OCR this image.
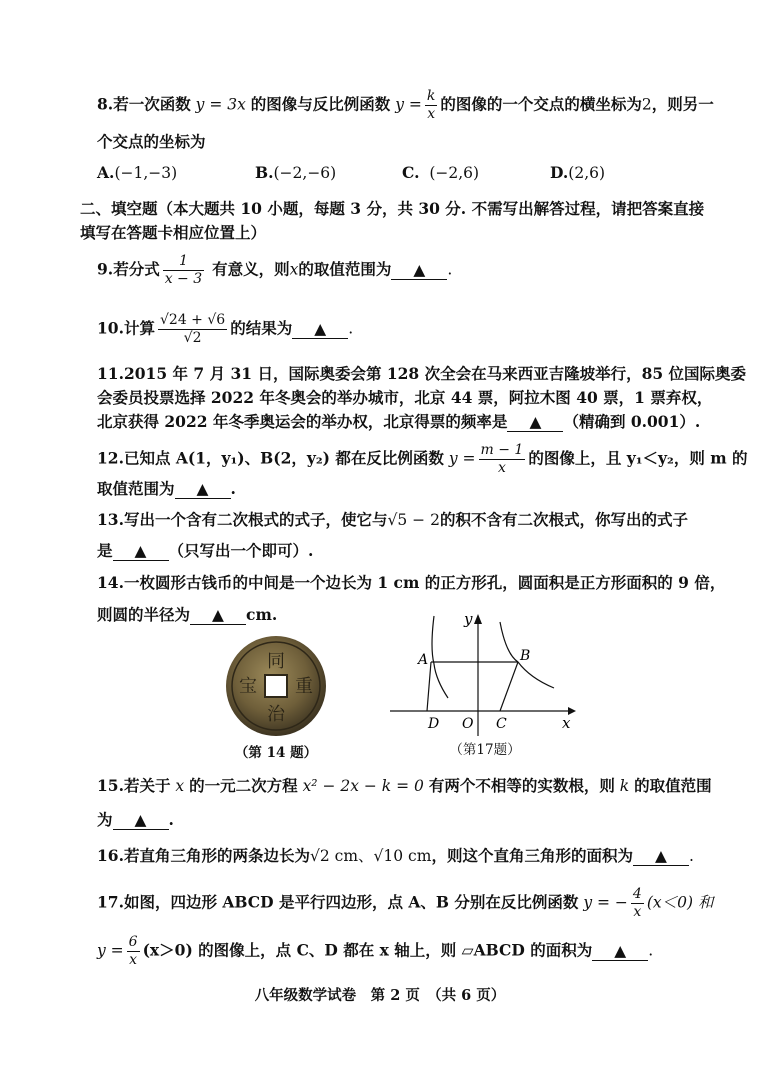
8.若一次函数 y = 3x 的图像与反比例函数 $y = \frac{k}{x}$ 的图像的一个交点的横坐标为2，则另一
个交点的坐标为
A.(−1,−3)	B.(−2,−6)	C. (−2,6)	D.(2,6)
二、填空题（本大题共 10 小题，每题 3 分，共 30 分. 不需写出解答过程，请把答案直接
填写在答题卡相应位置上）
9.若分式 $\frac{1}{x - 3}$ 有意义，则x的取值范围为 ▲ .
10.计算 $\frac{√24 + √6}{√2}$ 的结果为 ▲ .
11.2015 年 7 月 31 日，国际奥委会第 128 次全会在马来西亚吉隆坡举行，85 位国际奥委
会委员投票选择 2022 年冬奥会的举办城市，北京 44 票，阿拉木图 40 票，1 票弃权，
北京获得 2022 年冬季奥运会的举办权，北京得票的频率是 ▲ （精确到 0.001）.
12.已知点 A(1，y₁)、B(2，y₂) 都在反比例函数 $y = \frac{m - 1}{x}$ 的图像上，且 y₁＜y₂，则 m 的
取值范围为 ▲ .
13.写出一个含有二次根式的式子，使它与√5 − 2的积不含有二次根式，你写出的式子
是 ▲ （只写出一个即可）.
14.一枚圆形古钱币的中间是一个边长为 1 cm 的正方形孔，圆面积是正方形面积的 9 倍，
则圆的半径为 ▲ cm.
同
重
治
宝
（第 14 题）
y
x
A	B
C
D O
（第17题）
15.若关于 x 的一元二次方程 x² − 2x − k = 0 有两个不相等的实数根，则 k 的取值范围
为 ▲ .
16.若直角三角形的两条边长为√2 cm、√10 cm，则这个直角三角形的面积为 ▲ .
17.如图，四边形 ABCD 是平行四边形，点 A、B 分别在反比例函数 y = − $\frac{4}{x} (x<0)$ 和
$y = \frac{6}{x} (x>0)$ 的图像上，点 C、D 都在 x 轴上，则 ▱ABCD 的面积为 ▲ .
八年级数学试卷　第 2 页　（共 6 页）
